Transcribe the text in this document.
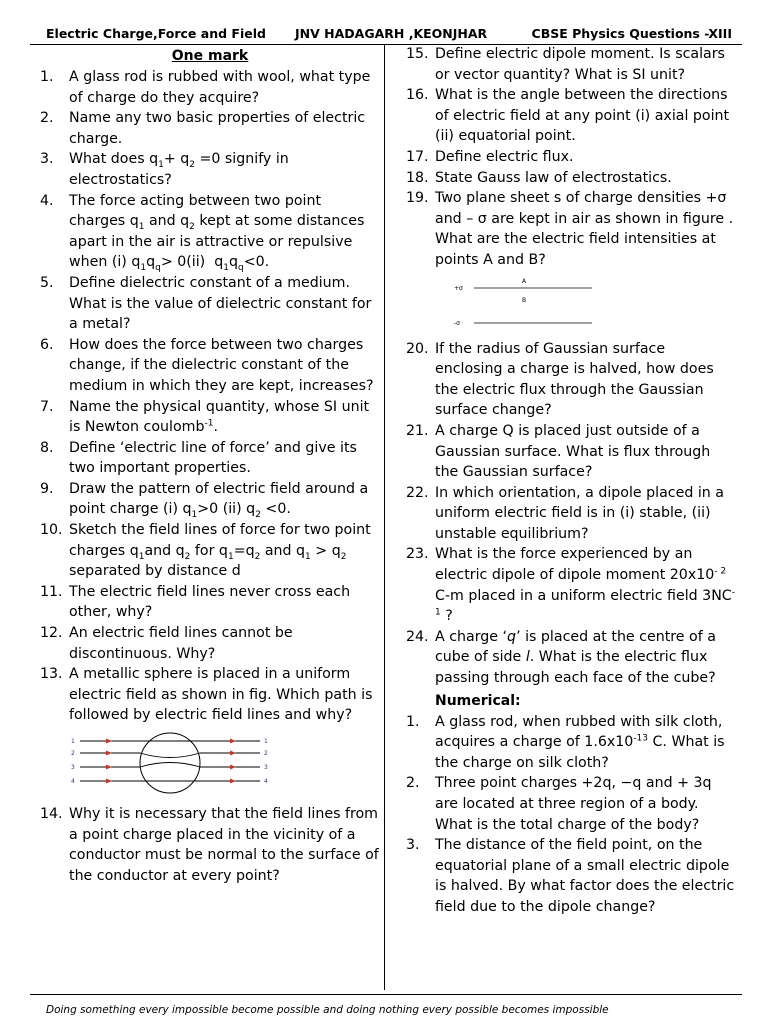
Electric Charge,Force and Field JNV HADAGARH ,KEONJHAR	CBSE Physics Questions -XIII
One mark
1.	A glass rod is rubbed with wool, what type of charge do they acquire?
2.	Name any two basic properties of electric charge.
3.	What does $q_1+ q_2 =0$ signify in electrostatics?
4.	The force acting between two point charges $q_1$ and $q_2$ kept at some distances apart in the air is attractive or repulsive when (i) $q_1q_q> 0(ii)$  $q_1q_q<0$.
5.	Define dielectric constant of a medium. What is the value of dielectric constant for a metal?
6.	How does the force between two charges change, if the dielectric constant of the medium in which they are kept, increases?
7.	Name the physical quantity, whose SI unit is Newton coulomb$^{-1}$.
8.	Define ‘electric line of force’ and give its two important properties.
9.	Draw the pattern of electric field around a point charge (i) $q_1>0$ (ii) $q_2 <0$.
10. Sketch the field lines of force for two point charges $q_1and$ $q_2$ for $q_1=q_2$ and $q_1 > q_2$ separated by distance d
11. The electric field lines never cross each other, why?
12. An electric field lines cannot be discontinuous. Why?
13. A metallic sphere is placed in a uniform electric field as shown in fig. Which path is followed by electric field lines and why?
1
2
3
4
1
2
3
4
14. Why it is necessary that the field lines from a point charge placed in the vicinity of a conductor must be normal to the surface of the conductor at every point?
15. Define electric dipole moment. Is scalars or vector quantity? What is SI unit?
16. What is the angle between the directions of electric field at any point (i) axial point (ii) equatorial point.
17. Define electric flux.
18. State Gauss law of electrostatics.
19. Two plane sheet s of charge densities +σ and – σ are kept in air as shown in figure . What are the electric field intensities at points A and B?
+σ
-σ
A
B
20. If the radius of Gaussian surface enclosing a charge is halved, how does the electric flux through the Gaussian surface change?
21. A charge Q is placed just outside of a Gaussian surface. What is flux through the Gaussian surface?
22. In which orientation, a dipole placed in a uniform electric field is in (i) stable, (ii) unstable equilibrium?
23. What is the force experienced by an electric dipole of dipole moment $20x10^{- 2}$ C-m placed in a uniform electric field $3NC^{-1}$ ?
24. A charge ‘q’ is placed at the centre of a cube of side l. What is the electric flux passing through each face of the cube?
Numerical:
1.	A glass rod, when rubbed with silk cloth, acquires a charge of $1.6x10^{-13}$ C. What is the charge on silk cloth?
2.	Three point charges +2q, −q and + 3q are located at three region of a body. What is the total charge of the body?
3.	The distance of the field point, on the equatorial plane of a small electric dipole is halved. By what factor does the electric field due to the dipole change?
Doing something every impossible become possible and doing nothing every possible becomes impossible
